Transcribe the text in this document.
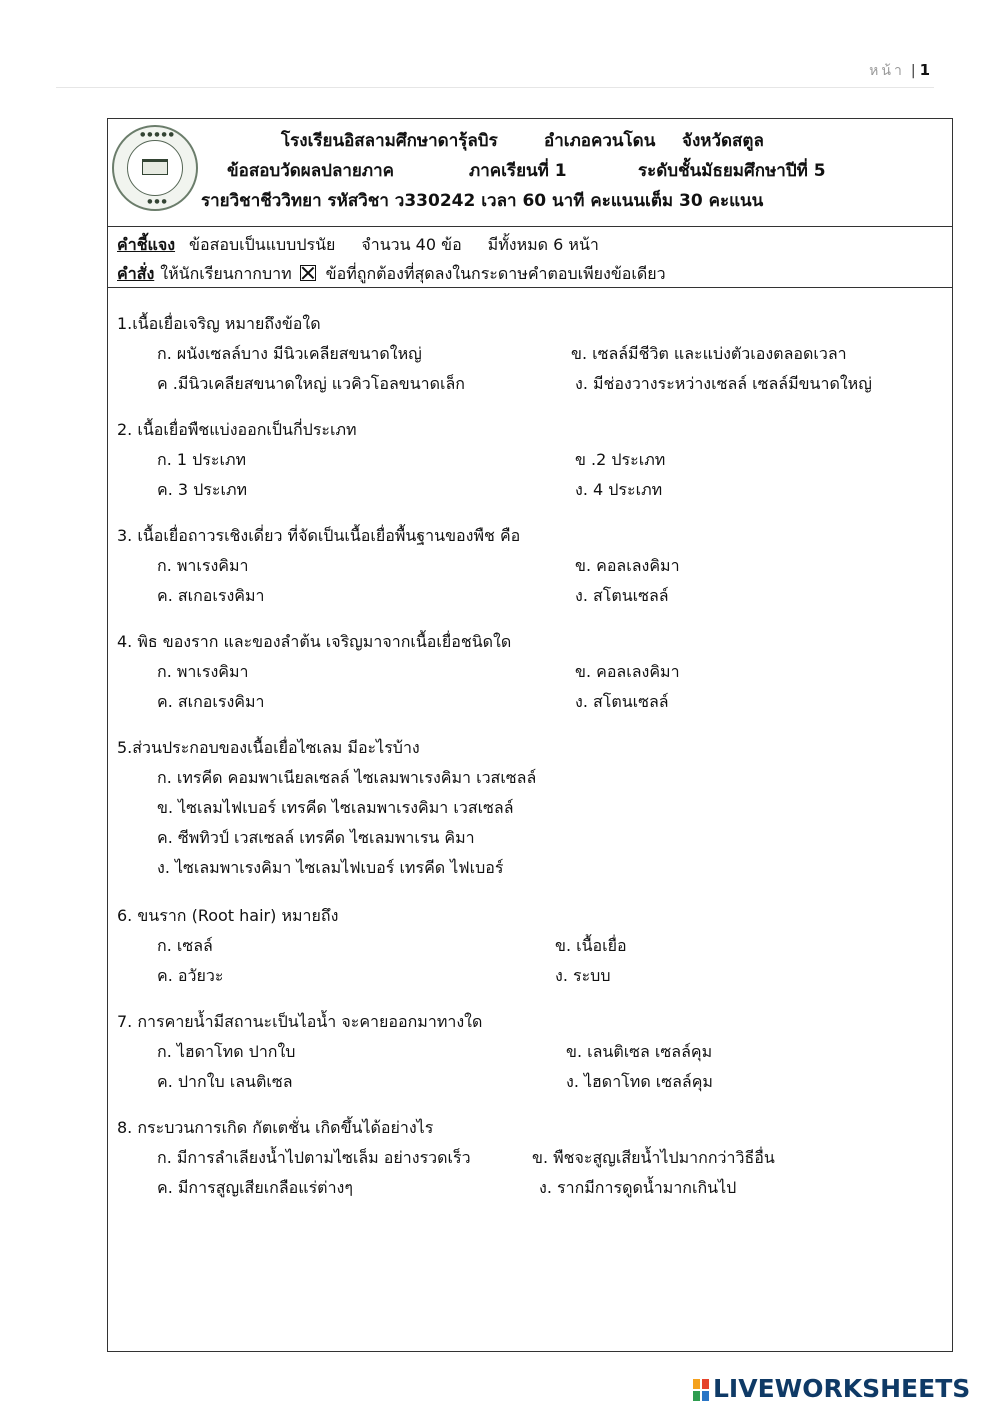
หน้า | 1
● ● ● ● ●
● ● ●
โรงเรียนอิสลามศึกษาดารุ้ลบิร	อำเภอควนโดน จังหวัดสตูล
ข้อสอบวัดผลปลายภาค	ภาคเรียนที่ 1	ระดับชั้นมัธยมศึกษาปีที่ 5
รายวิชาชีววิทยา รหัสวิชา ว330242 เวลา 60 นาที คะแนนเต็ม 30 คะแนน
คำชี้แจง ข้อสอบเป็นแบบปรนัย จำนวน 40 ข้อ มีทั้งหมด 6 หน้า
คำสั่ง ให้นักเรียนกากบาท ข้อที่ถูกต้องที่สุดลงในกระดาษคำตอบเพียงข้อเดียว
1.เนื้อเยื่อเจริญ หมายถึงข้อใด
ก. ผนังเซลล์บาง มีนิวเคลียสขนาดใหญ่	ข. เซลล์มีชีวิต และแบ่งตัวเองตลอดเวลา
ค .มีนิวเคลียสขนาดใหญ่ แวคิวโอลขนาดเล็ก	ง. มีช่องวางระหว่างเซลล์ เซลล์มีขนาดใหญ่
2. เนื้อเยื่อพืชแบ่งออกเป็นกี่ประเภท
ก. 1 ประเภท	ข .2 ประเภท
ค. 3 ประเภท	ง. 4 ประเภท
3. เนื้อเยื่อถาวรเชิงเดี่ยว ที่จัดเป็นเนื้อเยื่อพื้นฐานของพืช คือ
ก. พาเรงคิมา	ข. คอลเลงคิมา
ค. สเกอเรงคิมา	ง. สโตนเซลล์
4. พิธ ของราก และของลำต้น เจริญมาจากเนื้อเยื่อชนิดใด
ก. พาเรงคิมา	ข. คอลเลงคิมา
ค. สเกอเรงคิมา	ง. สโตนเซลล์
5.ส่วนประกอบของเนื้อเยื่อไซเลม มีอะไรบ้าง
ก. เทรคีด คอมพาเนียลเซลล์ ไซเลมพาเรงคิมา เวสเซลล์
ข. ไซเลมไฟเบอร์ เทรคีด ไซเลมพาเรงคิมา เวสเซลล์
ค. ซีพทิวป์ เวสเซลล์ เทรคีด ไซเลมพาเรน คิมา
ง. ไซเลมพาเรงคิมา ไซเลมไฟเบอร์ เทรคีด ไฟเบอร์
6. ขนราก (Root hair) หมายถึง
ก. เซลล์	ข. เนื้อเยื่อ
ค. อวัยวะ	ง. ระบบ
7. การคายน้ำมีสถานะเป็นไอน้ำ จะคายออกมาทางใด
ก. ไฮดาโทด ปากใบ	ข. เลนติเซล เซลล์คุม
ค. ปากใบ เลนติเซล	ง. ไฮดาโทด เซลล์คุม
8. กระบวนการเกิด กัตเตชั่น เกิดขึ้นได้อย่างไร
ก. มีการลำเลียงน้ำไปตามไซเล็ม อย่างรวดเร็ว	ข. พืชจะสูญเสียน้ำไปมากกว่าวิธีอื่น
ค. มีการสูญเสียเกลือแร่ต่างๆ	ง. รากมีการดูดน้ำมากเกินไป
LIVEWORKSHEETS
